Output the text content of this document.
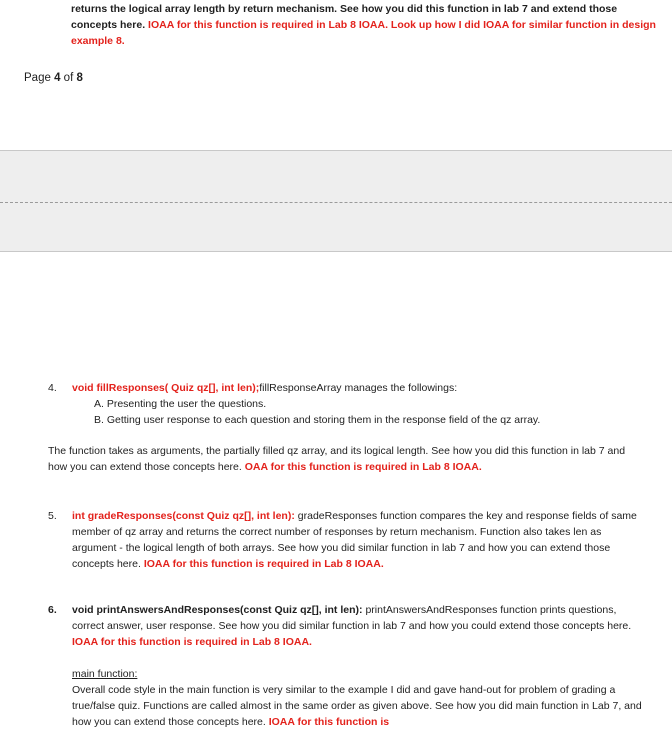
returns the logical array length by return mechanism. See how you did this function in lab 7 and extend those concepts here. IOAA for this function is required in Lab 8 IOAA. Look up how I did IOAA for similar function in design example 8.
Page 4 of 8
4.	void fillResponses( Quiz qz[], int len);fillResponseArray manages the followings:
A. Presenting the user the questions.
B. Getting user response to each question and storing them in the response field of the qz array.
The function takes as arguments, the partially filled qz array, and its logical length. See how you did this function in lab 7 and how you can extend those concepts here. OAA for this function is required in Lab 8 IOAA.
5.	int gradeResponses(const Quiz qz[], int len): gradeResponses function compares the key and response fields of same member of qz array and returns the correct number of responses by return mechanism. Function also takes len as argument - the logical length of both arrays. See how you did similar function in lab 7 and how you can extend those concepts here. IOAA for this function is required in Lab 8 IOAA.
6.	void printAnswersAndResponses(const Quiz qz[], int len): printAnswersAndResponses function prints questions, correct answer, user response. See how you did similar function in lab 7 and how you could extend those concepts here. IOAA for this function is required in Lab 8 IOAA.
main function:
Overall code style in the main function is very similar to the example I did and gave hand-out for problem of grading a true/false quiz. Functions are called almost in the same order as given above. See how you did main function in Lab 7, and how you can extend those concepts here. IOAA for this function is
